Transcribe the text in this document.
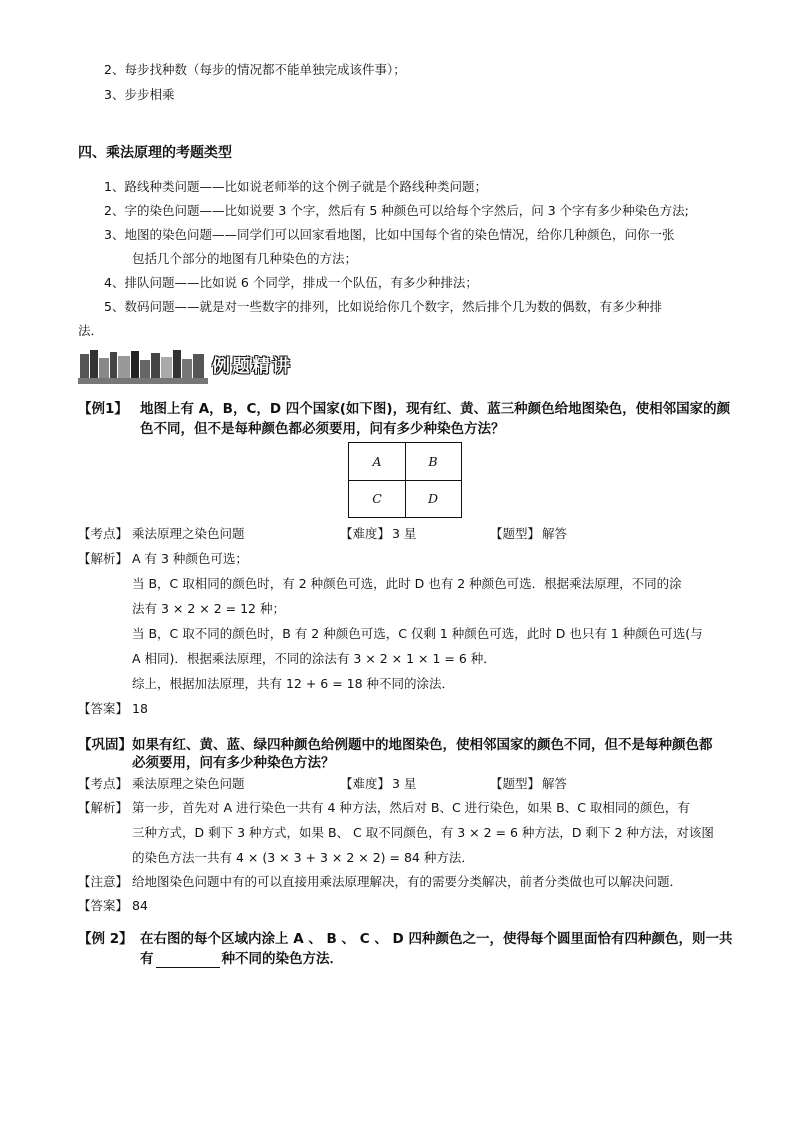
2、每步找种数（每步的情况都不能单独完成该件事）；
3、步步相乘
四、乘法原理的考题类型
1、路线种类问题——比如说老师举的这个例子就是个路线种类问题；
2、字的染色问题——比如说要 3 个字，然后有 5 种颜色可以给每个字然后，问 3 个字有多少种染色方法;
3、地图的染色问题——同学们可以回家看地图，比如中国每个省的染色情况，给你几种颜色，问你一张
包括几个部分的地图有几种染色的方法；
4、排队问题——比如说 6 个同学，排成一个队伍，有多少种排法；
5、数码问题——就是对一些数字的排列，比如说给你几个数字，然后排个几为数的偶数，有多少种排
法．
例题精讲
【例1】 地图上有 A，B，C，D 四个国家(如下图)，现有红、黄、蓝三种颜色给地图染色，使相邻国家的颜
色不同，但不是每种颜色都必须要用，问有多少种染色方法？
A	B
C	D
【考点】 乘法原理之染色问题	【难度】 3 星	【题型】 解答
【解析】 A 有 3 种颜色可选；
当 B，C 取相同的颜色时，有 2 种颜色可选，此时 D 也有 2 种颜色可选．根据乘法原理，不同的涂
法有 3 × 2 × 2 = 12 种；
当 B，C 取不同的颜色时，B 有 2 种颜色可选，C 仅剩 1 种颜色可选，此时 D 也只有 1 种颜色可选(与
A 相同)．根据乘法原理，不同的涂法有 3 × 2 × 1 × 1 = 6 种．
综上，根据加法原理，共有 12 + 6 = 18 种不同的涂法．
【答案】 18
【巩固】 如果有红、黄、蓝、绿四种颜色给例题中的地图染色，使相邻国家的颜色不同，但不是每种颜色都
必须要用，问有多少种染色方法？
【考点】 乘法原理之染色问题	【难度】 3 星	【题型】 解答
【解析】 第一步，首先对 A 进行染色一共有 4 种方法，然后对 B、C 进行染色，如果 B、C 取相同的颜色，有
三种方式，D 剩下 3 种方式，如果 B、 C 取不同颜色，有 3 × 2 = 6 种方法，D 剩下 2 种方法，对该图
的染色方法一共有 4 × (3 × 3 + 3 × 2 × 2) = 84 种方法．
【注意】 给地图染色问题中有的可以直接用乘法原理解决，有的需要分类解决，前者分类做也可以解决问题．
【答案】 84
【例 2】 在右图的每个区域内涂上 A 、 B 、 C 、 D 四种颜色之一，使得每个圆里面恰有四种颜色，则一共
有	种不同的染色方法．
